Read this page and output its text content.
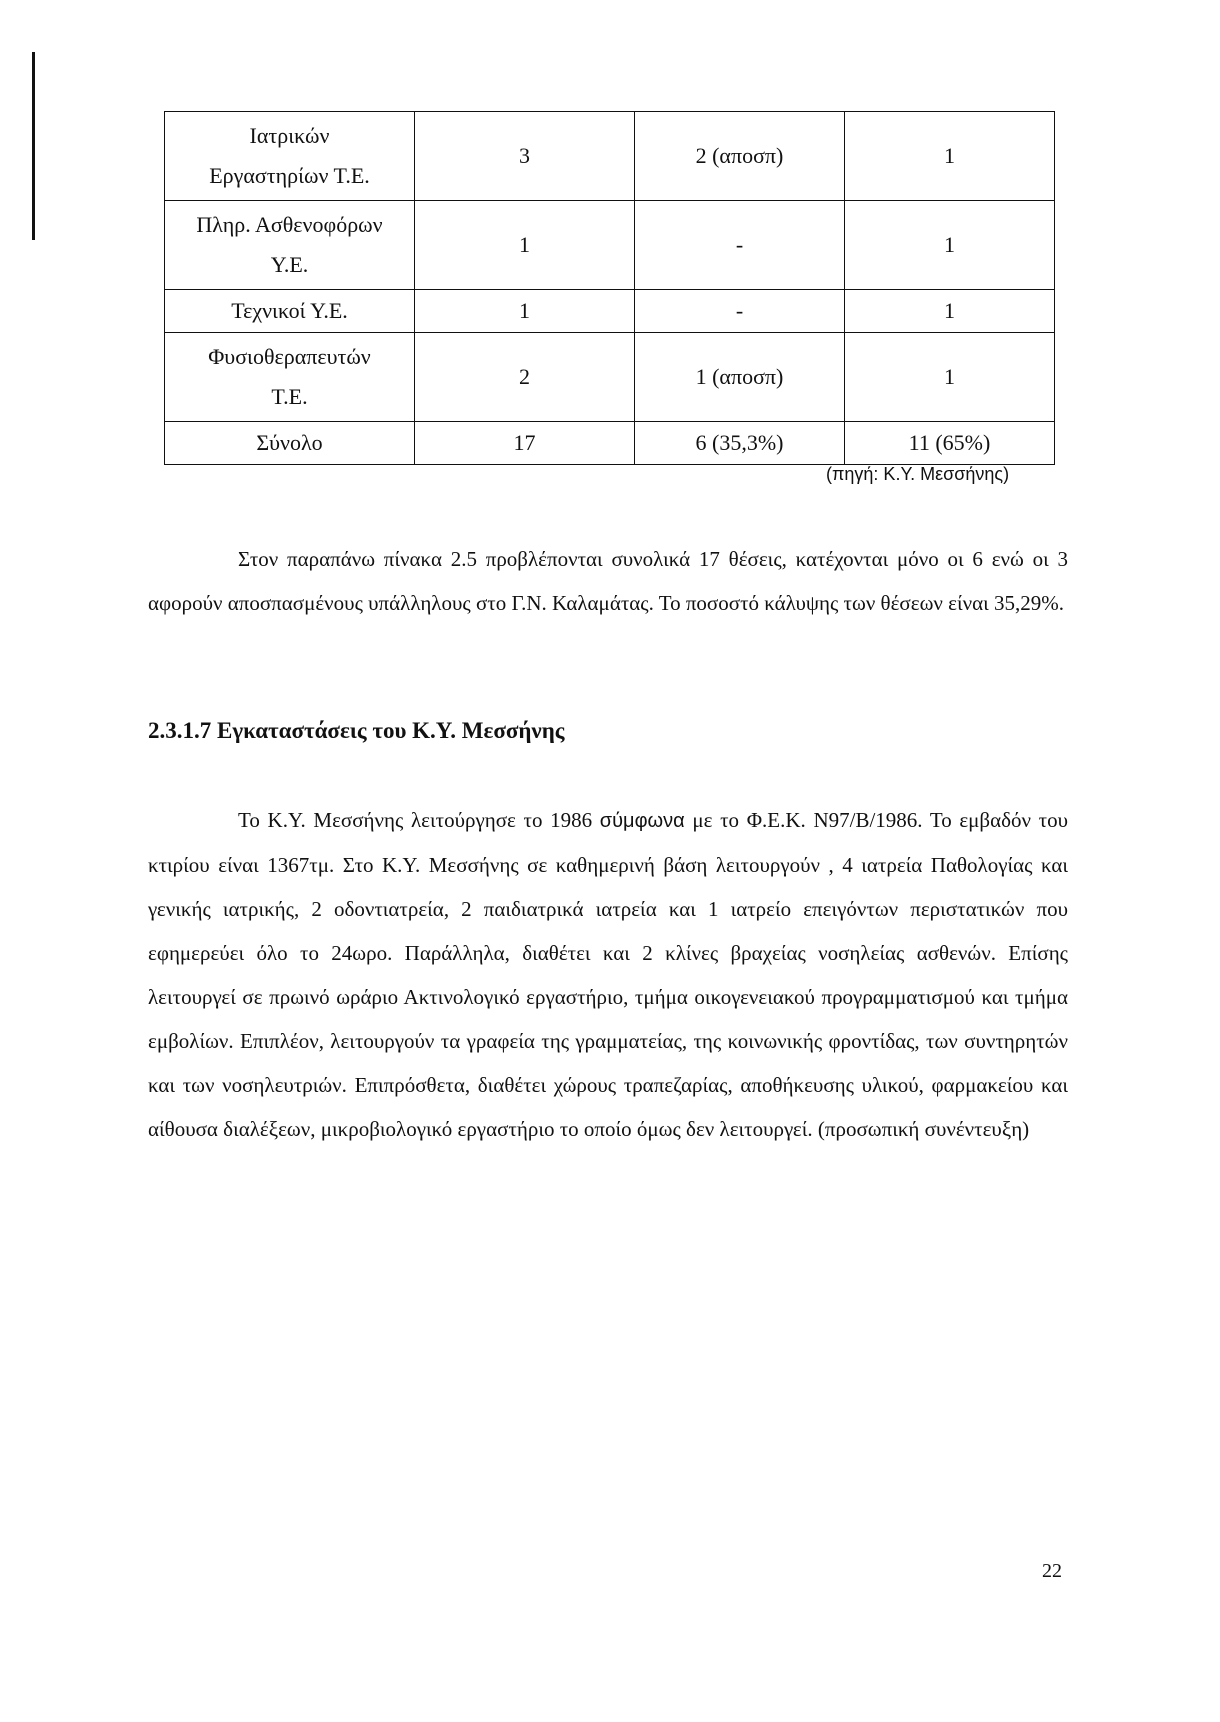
Ιατρικών
Εργαστηρίων Τ.Ε.	3	2 (αποσπ)	1
Πληρ. Ασθενοφόρων
Υ.Ε.	1	-	1
Τεχνικοί Υ.Ε.	1	-	1
Φυσιοθεραπευτών
Τ.Ε.	2	1 (αποσπ)	1
Σύνολο	17	6 (35,3%)	11 (65%)
(πηγή: Κ.Υ. Μεσσήνης)

Στον παραπάνω πίνακα 2.5 προβλέπονται συνολικά 17 θέσεις, κατέχονται μόνο οι 6 ενώ οι 3 αφορούν αποσπασμένους υπάλληλους στο Γ.Ν. Καλαμάτας. Το ποσοστό κάλυψης των θέσεων είναι 35,29%.

2.3.1.7 Εγκαταστάσεις του Κ.Υ. Μεσσήνης

Το Κ.Υ. Μεσσήνης λειτούργησε το 1986 σύμφωνα με το Φ.Ε.Κ. Ν97/Β/1986. Το εμβαδόν του κτιρίου είναι 1367τμ. Στο Κ.Υ. Μεσσήνης σε καθημερινή βάση λειτουργούν , 4 ιατρεία Παθολογίας και γενικής ιατρικής, 2 οδοντιατρεία, 2 παιδιατρικά ιατρεία και 1 ιατρείο επειγόντων περιστατικών που εφημερεύει όλο το 24ωρο. Παράλληλα, διαθέτει και 2 κλίνες βραχείας νοσηλείας ασθενών. Επίσης λειτουργεί σε πρωινό ωράριο Ακτινολογικό εργαστήριο, τμήμα οικογενειακού προγραμματισμού και τμήμα εμβολίων. Επιπλέον, λειτουργούν τα γραφεία της γραμματείας, της κοινωνικής φροντίδας, των συντηρητών και των νοσηλευτριών. Επιπρόσθετα, διαθέτει χώρους τραπεζαρίας, αποθήκευσης υλικού, φαρμακείου και αίθουσα διαλέξεων, μικροβιολογικό εργαστήριο το οποίο όμως δεν λειτουργεί. (προσωπική συνέντευξη)

22
